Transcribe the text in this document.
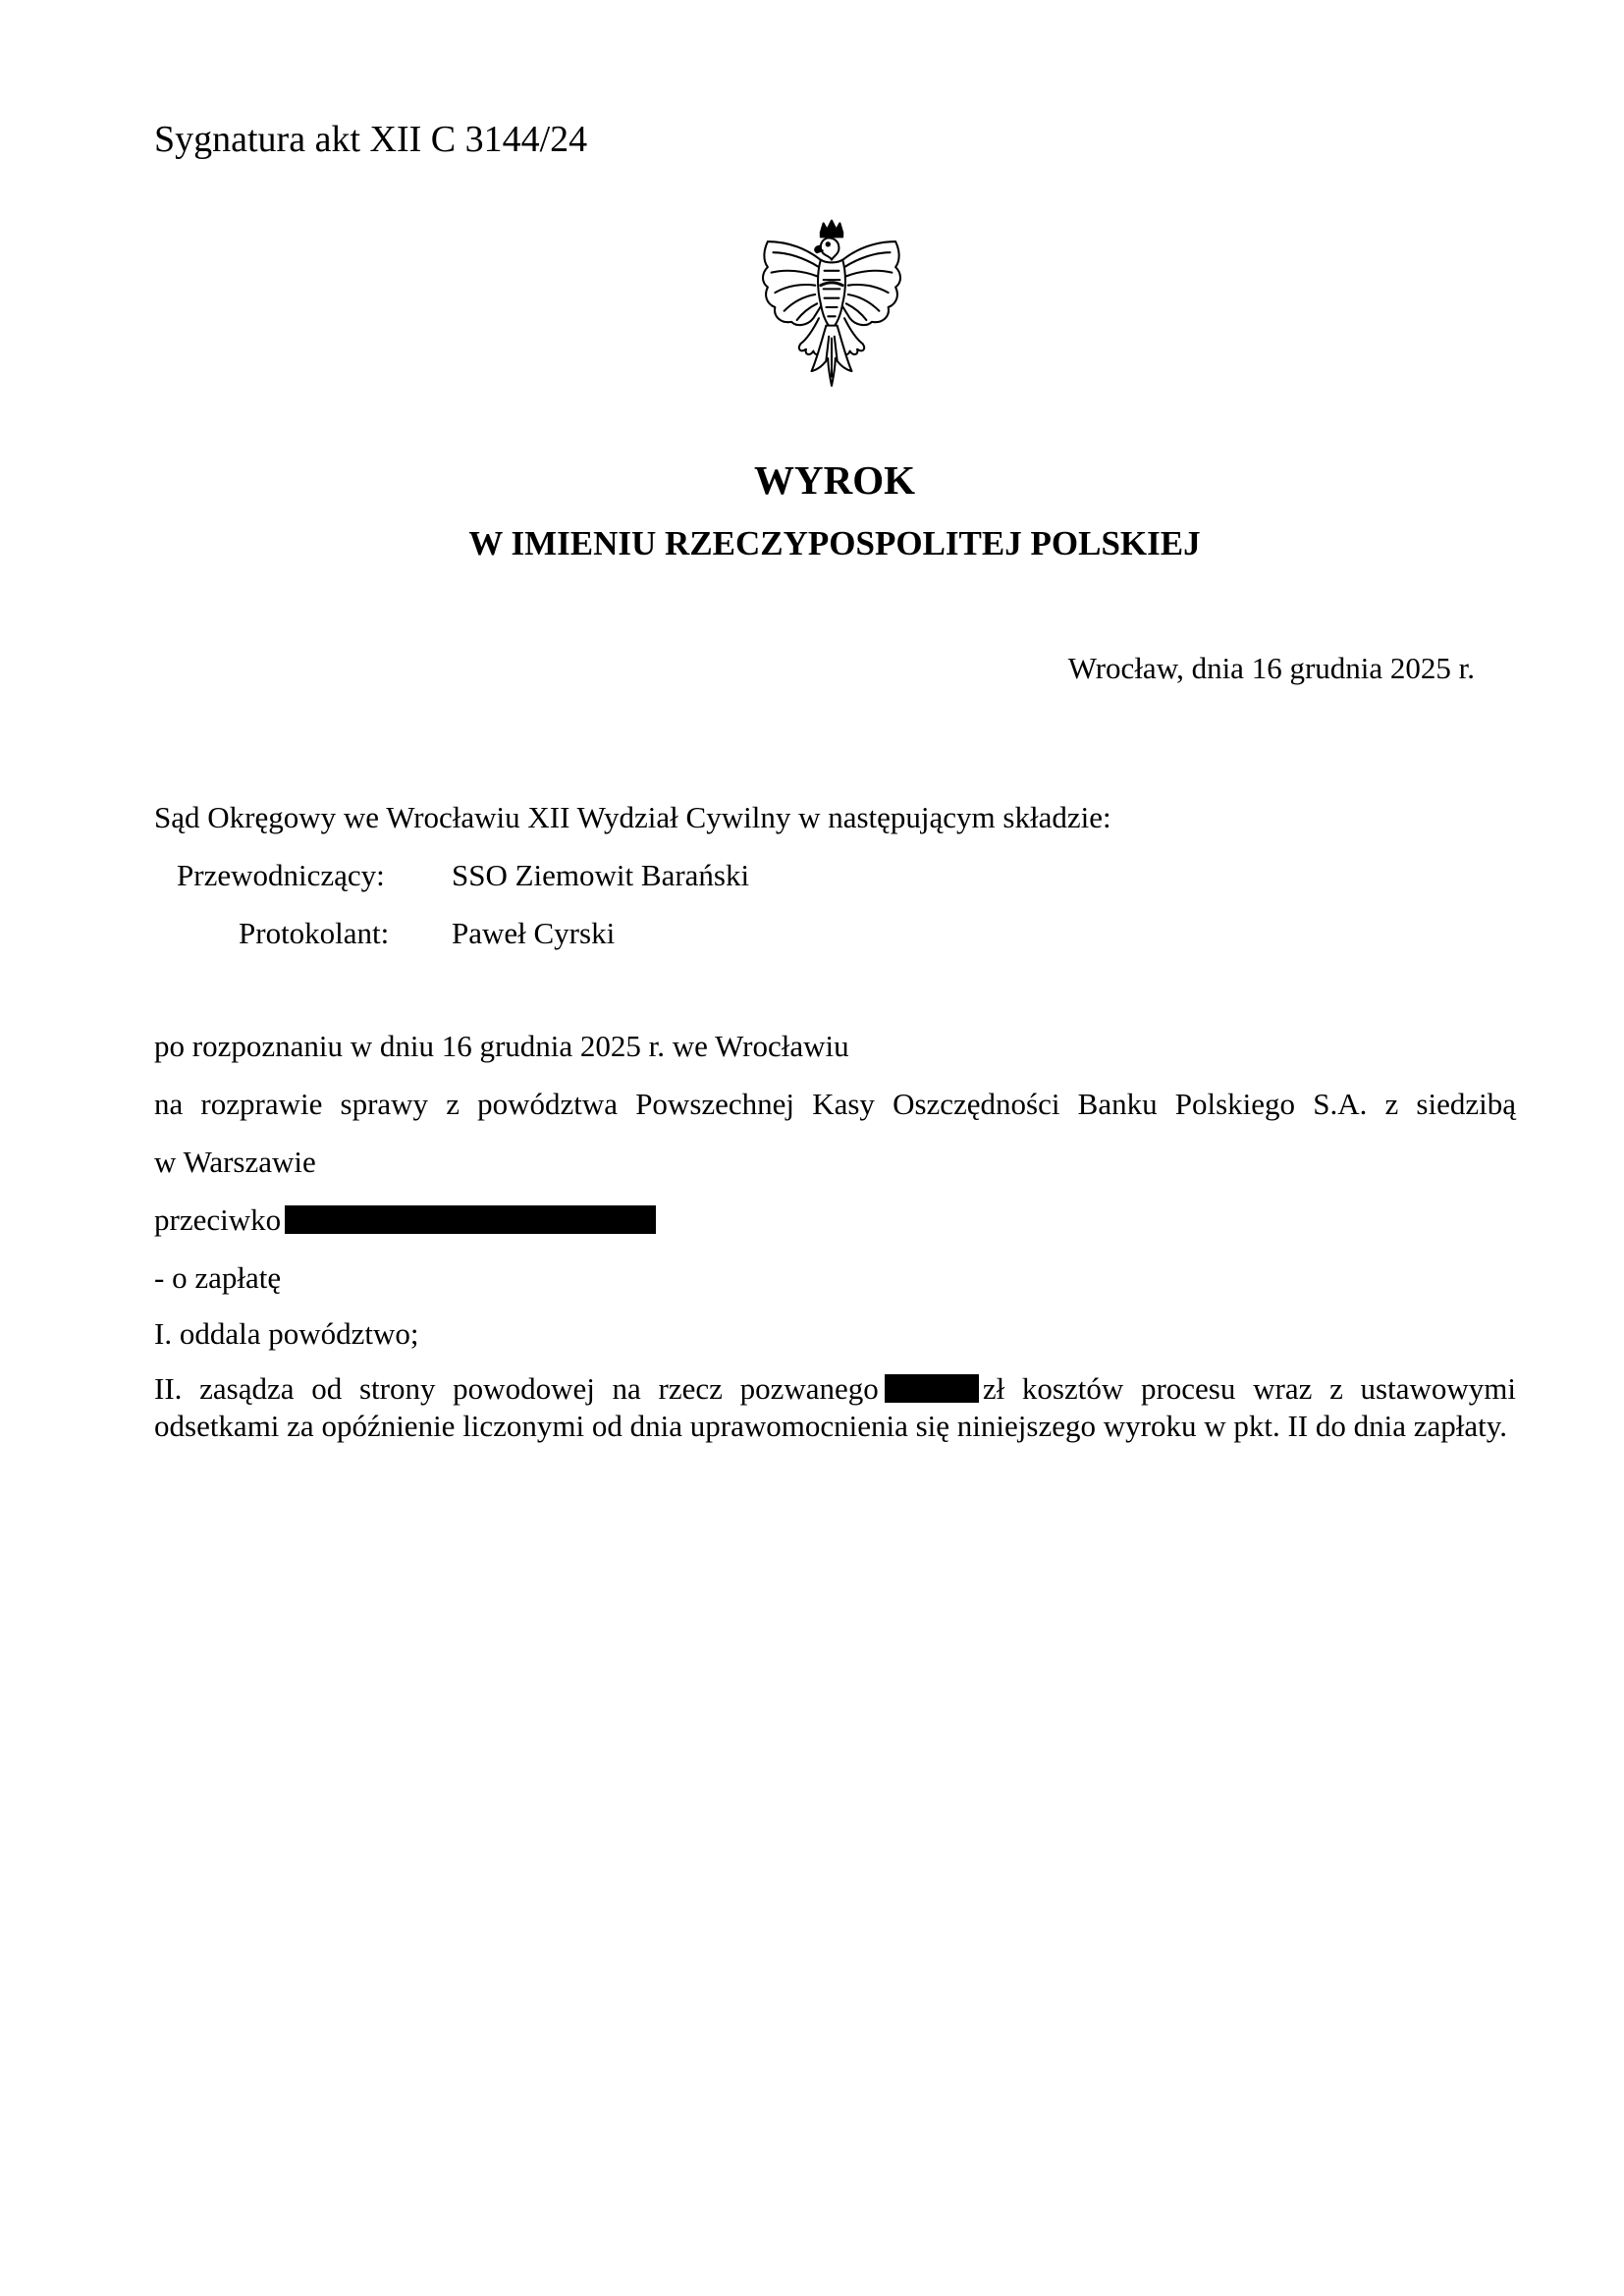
Sygnatura akt XII C 3144/24
WYROK
W IMIENIU RZECZYPOSPOLITEJ POLSKIEJ
Wrocław, dnia 16 grudnia 2025 r.
Sąd Okręgowy we Wrocławiu XII Wydział Cywilny w następującym składzie:
Przewodniczący: SSO Ziemowit Barański
Protokolant: Paweł Cyrski
po rozpoznaniu w dniu 16 grudnia 2025 r. we Wrocławiu
na rozprawie sprawy z powództwa Powszechnej Kasy Oszczędności Banku Polskiego S.A. z siedzibą
w Warszawie
przeciwko
- o zapłatę
I. oddala powództwo;
II. zasądza od strony powodowej na rzecz pozwanego	zł kosztów procesu wraz z ustawowymi odsetkami za opóźnienie liczonymi od dnia uprawomocnienia się niniejszego wyroku w pkt. II do dnia zapłaty.
